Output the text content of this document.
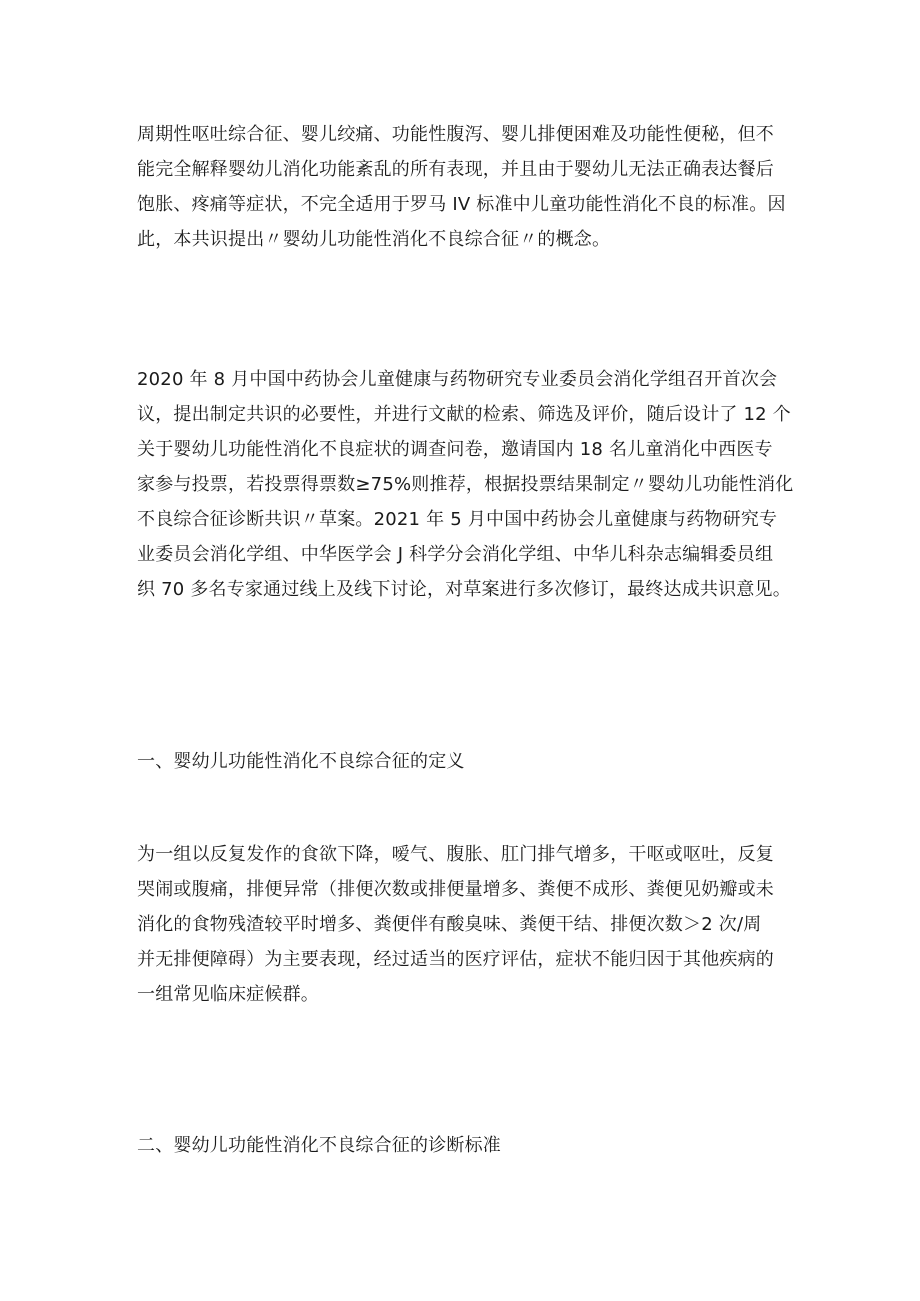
周期性呕吐综合征、婴儿绞痛、功能性腹泻、婴儿排便困难及功能性便秘，但不
能完全解释婴幼儿消化功能紊乱的所有表现，并且由于婴幼儿无法正确表达餐后
饱胀、疼痛等症状，不完全适用于罗马 IV 标准中儿童功能性消化不良的标准。因
此，本共识提出〃婴幼儿功能性消化不良综合征〃的概念。
2020 年 8 月中国中药协会儿童健康与药物研究专业委员会消化学组召开首次会
议，提出制定共识的必要性，并进行文献的检索、筛选及评价，随后设计了 12 个
关于婴幼儿功能性消化不良症状的调查问卷，邀请国内 18 名儿童消化中西医专
家参与投票，若投票得票数≥75%则推荐，根据投票结果制定〃婴幼儿功能性消化
不良综合征诊断共识〃草案。2021 年 5 月中国中药协会儿童健康与药物研究专
业委员会消化学组、中华医学会 J 科学分会消化学组、中华儿科杂志编辑委员组
织 70 多名专家通过线上及线下讨论，对草案进行多次修订，最终达成共识意见。
一、婴幼儿功能性消化不良综合征的定义
为一组以反复发作的食欲下降，嗳气、腹胀、肛门排气增多，干呕或呕吐，反复
哭闹或腹痛，排便异常（排便次数或排便量增多、粪便不成形、粪便见奶瓣或未
消化的食物残渣较平时增多、粪便伴有酸臭味、粪便干结、排便次数＞2 次/周
并无排便障碍）为主要表现，经过适当的医疗评估，症状不能归因于其他疾病的
一组常见临床症候群。
二、婴幼儿功能性消化不良综合征的诊断标准
